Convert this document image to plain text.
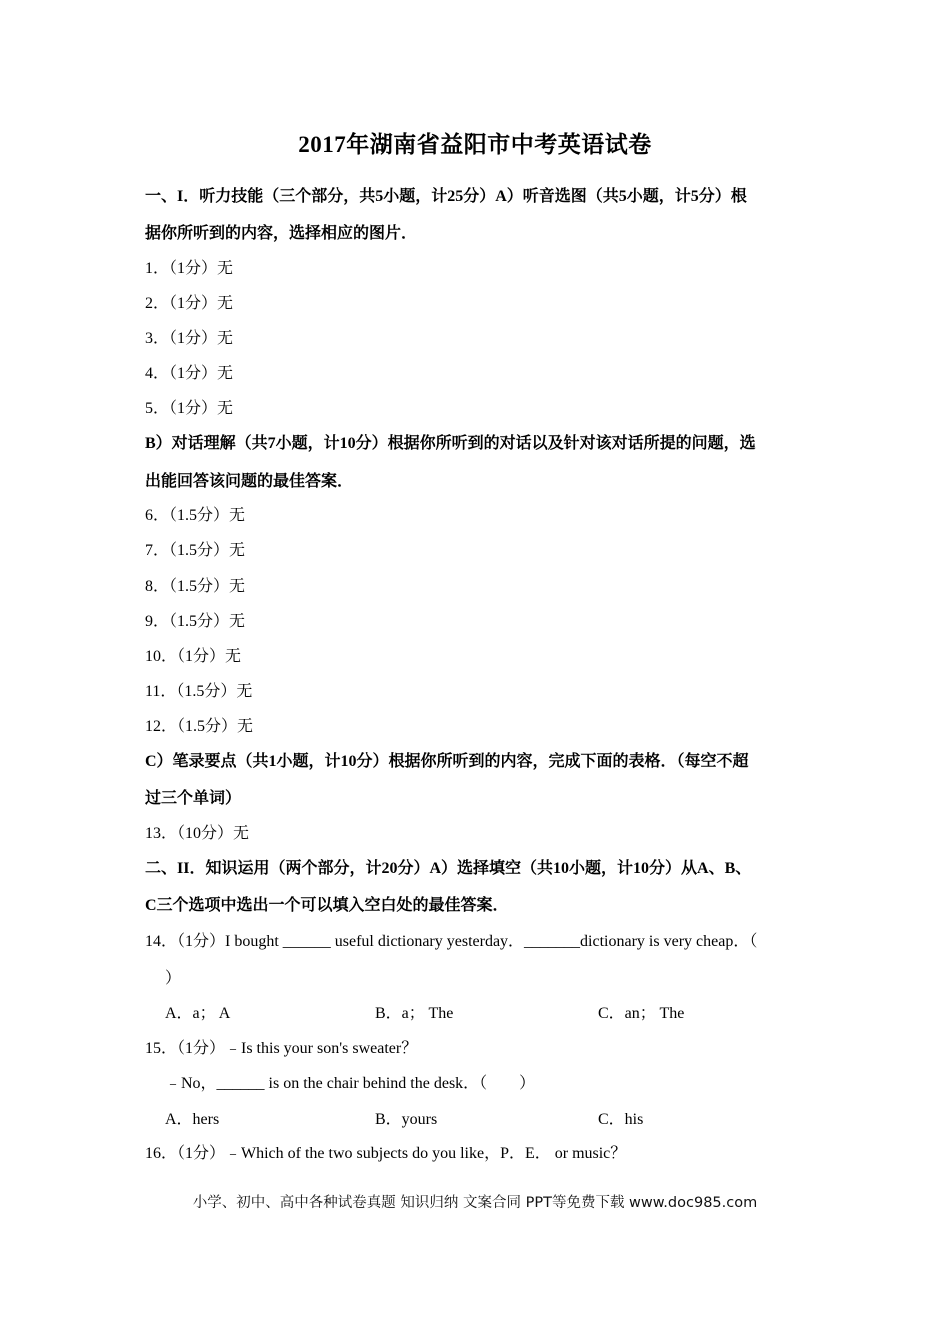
2017年湖南省益阳市中考英语试卷
一、I．听力技能（三个部分，共5小题，计25分）A）听音选图（共5小题，计5分）根
据你所听到的内容，选择相应的图片．
1．（1分）无
2．（1分）无
3．（1分）无
4．（1分）无
5．（1分）无
B）对话理解（共7小题，计10分）根据你所听到的对话以及针对该对话所提的问题，选
出能回答该问题的最佳答案．
6．（1.5分）无
7．（1.5分）无
8．（1.5分）无
9．（1.5分）无
10．（1分）无
11．（1.5分）无
12．（1.5分）无
C）笔录要点（共1小题，计10分）根据你所听到的内容，完成下面的表格．（每空不超
过三个单词）
13．（10分）无
二、II．知识运用（两个部分，计20分）A）选择填空（共10小题，计10分）从A、B、
C三个选项中选出一个可以填入空白处的最佳答案．
14．（1分）I bought ______ useful dictionary yesterday．_______dictionary is very cheap．（
）
A．a； A	B．a； The	C．an； The
15．（1分）﹣Is this your son's sweater？
﹣No，______ is on the chair behind the desk．（　　）
A．hers	B．yours	C．his
16．（1分）﹣Which of the two subjects do you like，P．E． or music？
小学、初中、高中各种试卷真题 知识归纳 文案合同 PPT等免费下载 www.doc985.com
